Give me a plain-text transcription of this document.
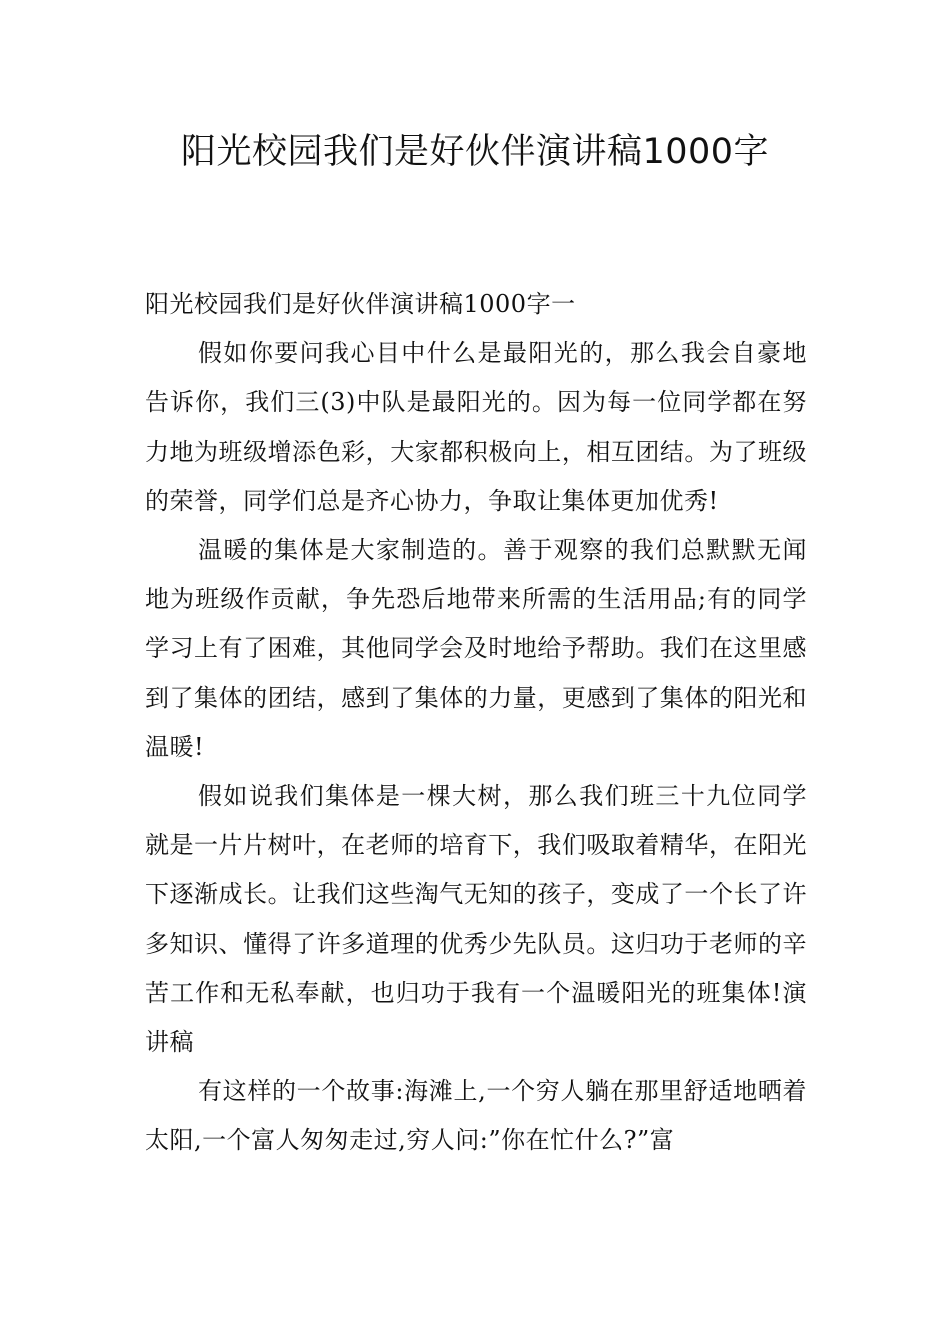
阳光校园我们是好伙伴演讲稿1000字

阳光校园我们是好伙伴演讲稿1000字一

假如你要问我心目中什么是最阳光的，那么我会自豪地告诉你，我们三(3)中队是最阳光的。因为每一位同学都在努力地为班级增添色彩，大家都积极向上，相互团结。为了班级的荣誉，同学们总是齐心协力，争取让集体更加优秀!

温暖的集体是大家制造的。善于观察的我们总默默无闻地为班级作贡献，争先恐后地带来所需的生活用品;有的同学学习上有了困难，其他同学会及时地给予帮助。我们在这里感到了集体的团结，感到了集体的力量，更感到了集体的阳光和温暖!

假如说我们集体是一棵大树，那么我们班三十九位同学就是一片片树叶，在老师的培育下，我们吸取着精华，在阳光下逐渐成长。让我们这些淘气无知的孩子，变成了一个长了许多知识、懂得了许多道理的优秀少先队员。这归功于老师的辛苦工作和无私奉献，也归功于我有一个温暖阳光的班集体!演讲稿

有这样的一个故事:海滩上,一个穷人躺在那里舒适地晒着太阳,一个富人匆匆走过,穷人问:”你在忙什么?”富
